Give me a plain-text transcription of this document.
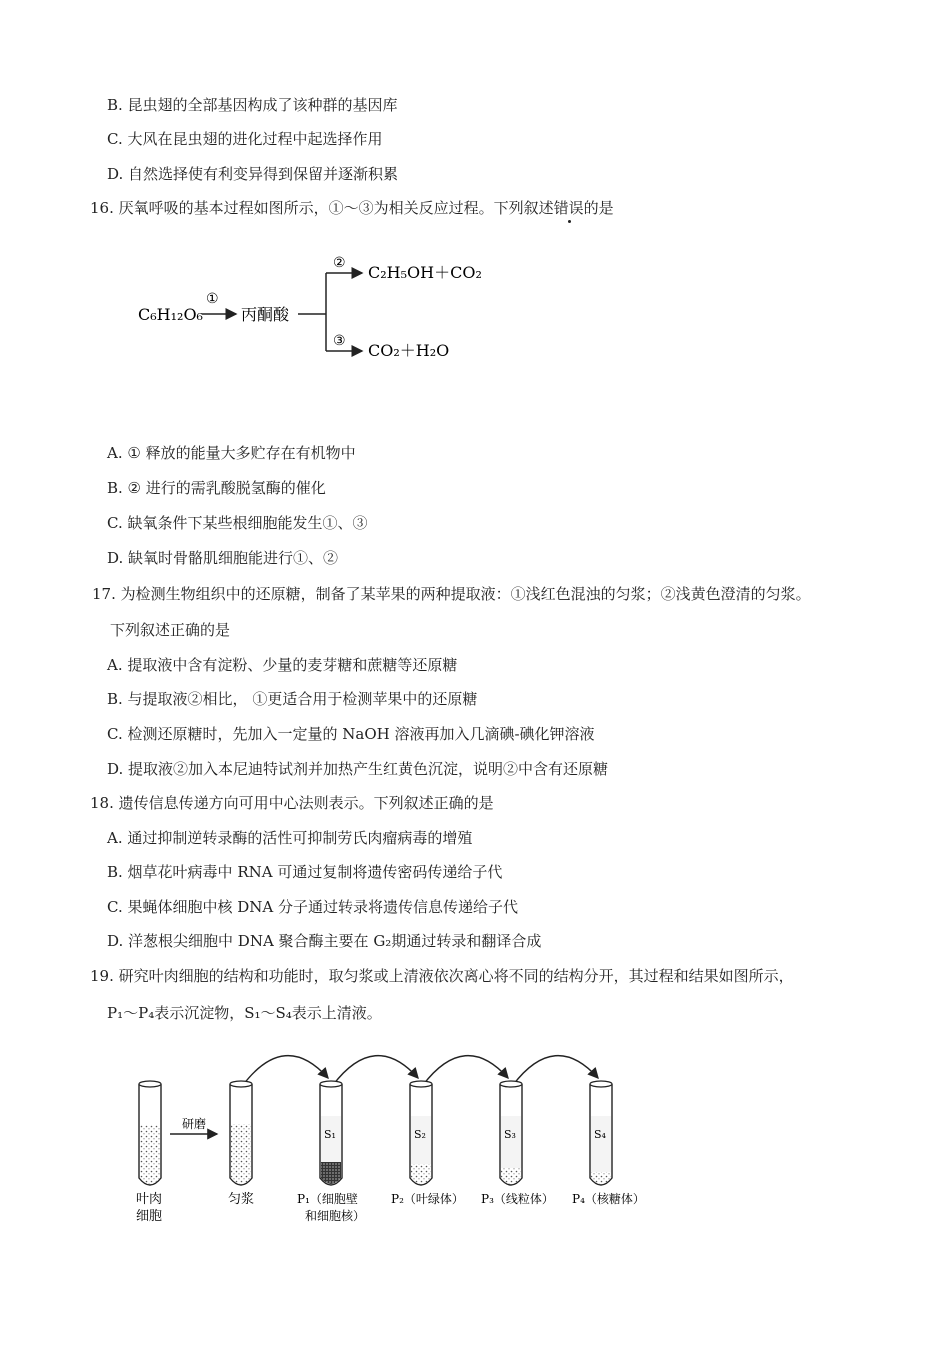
B. 昆虫翅的全部基因构成了该种群的基因库
C. 大风在昆虫翅的进化过程中起选择作用
D. 自然选择使有利变异得到保留并逐渐积累
16. 厌氧呼吸的基本过程如图所示，①～③为相关反应过程。下列叙述错误的是
C₆H₁₂O₆
①
丙酮酸
②
③
C₂H₅OH＋CO₂
CO₂＋H₂O
A. ① 释放的能量大多贮存在有机物中
B. ② 进行的需乳酸脱氢酶的催化
C. 缺氧条件下某些根细胞能发生①、③
D. 缺氧时骨骼肌细胞能进行①、②
17. 为检测生物组织中的还原糖，制备了某苹果的两种提取液：①浅红色混浊的匀浆；②浅黄色澄清的匀浆。
下列叙述正确的是
A. 提取液中含有淀粉、少量的麦芽糖和蔗糖等还原糖
B. 与提取液②相比， ①更适合用于检测苹果中的还原糖
C. 检测还原糖时，先加入一定量的 NaOH 溶液再加入几滴碘-碘化钾溶液
D. 提取液②加入本尼迪特试剂并加热产生红黄色沉淀，说明②中含有还原糖
18. 遗传信息传递方向可用中心法则表示。下列叙述正确的是
A. 通过抑制逆转录酶的活性可抑制劳氏肉瘤病毒的增殖
B. 烟草花叶病毒中 RNA 可通过复制将遗传密码传递给子代
C. 果蝇体细胞中核 DNA 分子通过转录将遗传信息传递给子代
D. 洋葱根尖细胞中 DNA 聚合酶主要在 G₂期通过转录和翻译合成
19. 研究叶肉细胞的结构和功能时，取匀浆或上清液依次离心将不同的结构分开，其过程和结果如图所示，
P₁～P₄表示沉淀物，S₁～S₄表示上清液。
研磨
S₁	S₂	S₃	S₄
叶肉
细胞
匀浆	P₁（细胞壁
和细胞核）
P₂（叶绿体） P₃（线粒体） P₄（核糖体）
